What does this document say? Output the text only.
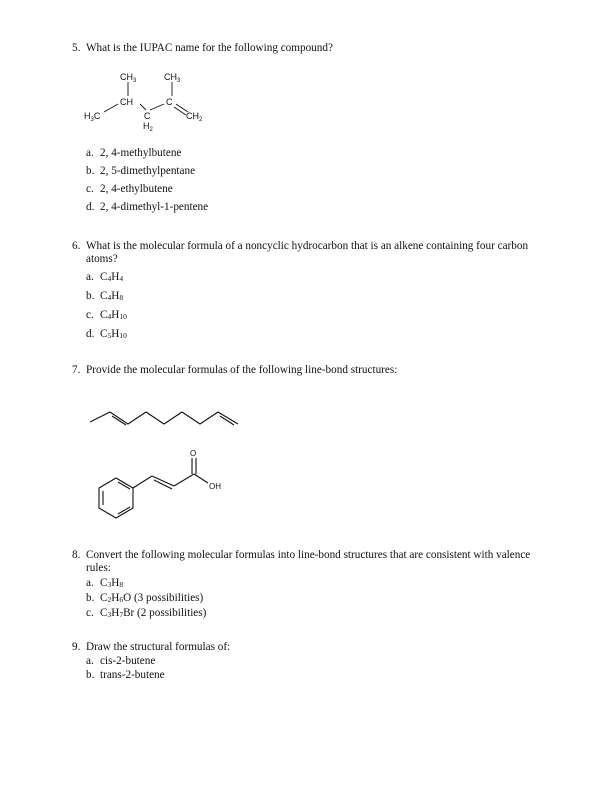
5. What is the IUPAC name for the following compound?
$CH_3$	$CH_3$
CH
$H_3C$	C
$H_2$
C
$CH_2$
a. 2, 4-methylbutene
b. 2, 5-dimethylpentane
c. 2, 4-ethylbutene
d. 2, 4-dimethyl-1-pentene
6. What is the molecular formula of a noncyclic hydrocarbon that is an alkene containing four carbon atoms?
a. $C_4H_4$
b. $C_4H_8$
c. $C_4H_{10}$
d. $C_5H_{10}$
7. Provide the molecular formulas of the following line-bond structures:
O
OH
8. Convert the following molecular formulas into line-bond structures that are consistent with valence rules:
a. $C_3H_8$
b. $C_2H_6O$ (3 possibilities)
c. $C_3H_7Br$ (2 possibilities)
9. Draw the structural formulas of:
a. cis-2-butene
b. trans-2-butene
